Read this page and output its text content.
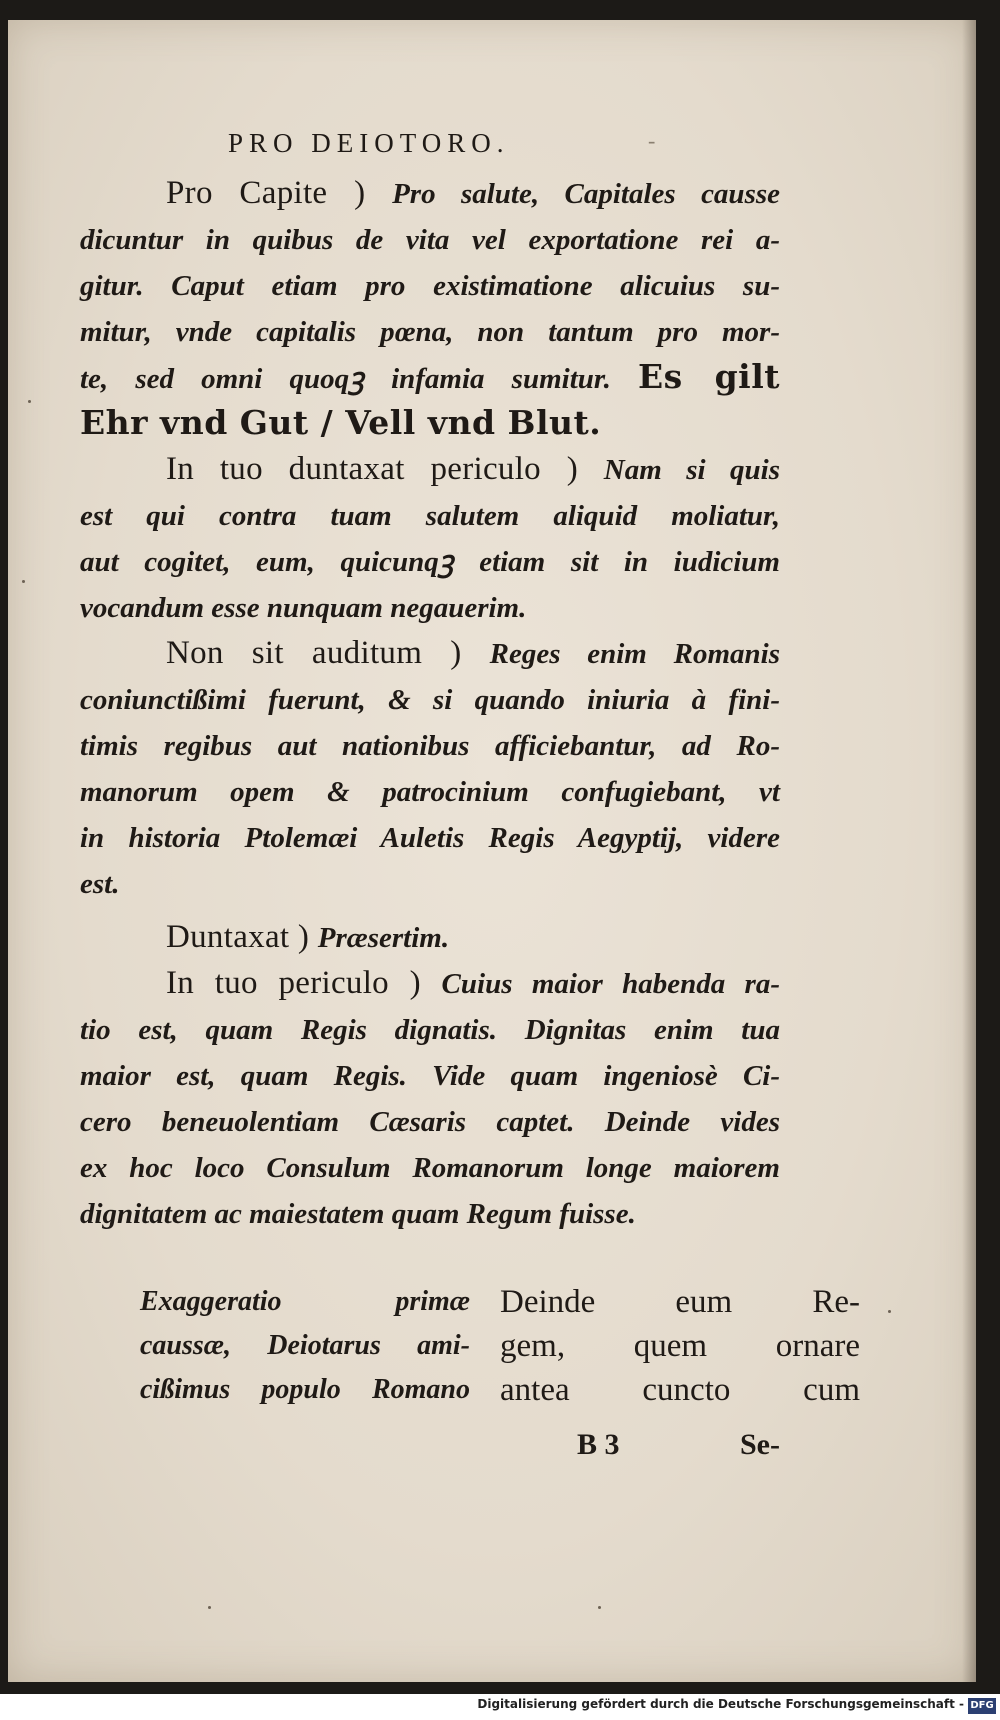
PRO DEIOTORO.	-
Pro Capite ) Pro salute, Capitales causse
dicuntur in quibus de vita vel exportatione rei a-
gitur. Caput etiam pro existimatione alicuius su-
mitur, vnde capitalis pœna, non tantum pro mor-
te, sed omni quoqꝫ infamia sumitur. Es gilt
Ehr vnd Gut / Vell vnd Blut.
In tuo duntaxat periculo ) Nam si quis
est qui contra tuam salutem aliquid moliatur,
aut cogitet, eum, quicunqꝫ etiam sit in iudicium
vocandum esse nunquam negauerim.
Non sit auditum ) Reges enim Romanis
coniunctißimi fuerunt, & si quando iniuria à fini-
timis regibus aut nationibus afficiebantur, ad Ro-
manorum opem & patrocinium confugiebant, vt
in historia Ptolemæi Auletis Regis Aegyptij, videre
est.
Duntaxat ) Præsertim.
In tuo periculo ) Cuius maior habenda ra-
tio est, quam Regis dignatis. Dignitas enim tua
maior est, quam Regis. Vide quam ingeniosè Ci-
cero beneuolentiam Cæsaris captet. Deinde vides
ex hoc loco Consulum Romanorum longe maiorem
dignitatem ac maiestatem quam Regum fuisse.
Exaggeratio primæ
caussæ, Deiotarus ami-
cißimus populo Romano
Deinde eum Re-
gem, quem ornare
antea cuncto cum
B 3	Se-
Digitalisierung gefördert durch die Deutsche Forschungsgemeinschaft - DFG
